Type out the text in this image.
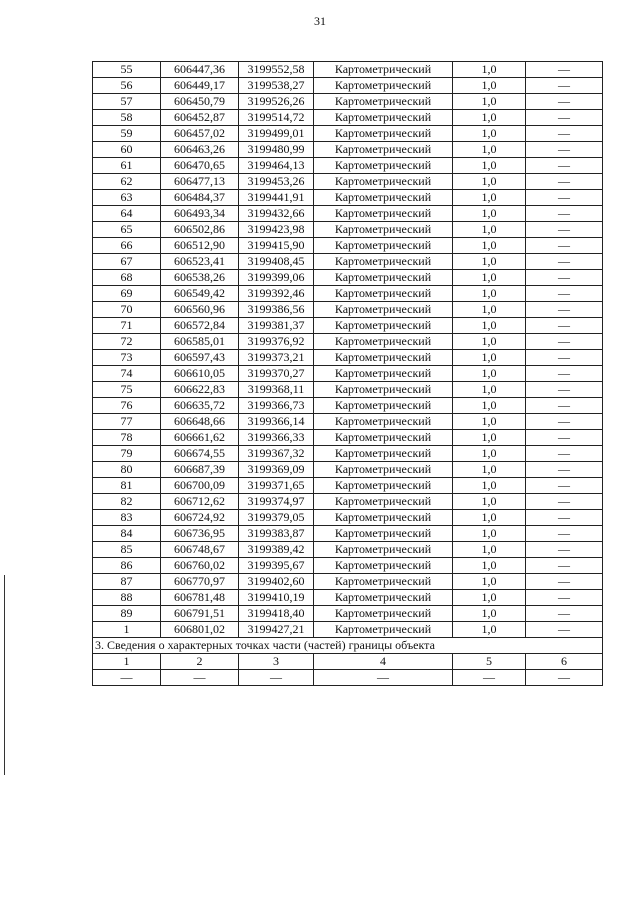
31
55	606447,36	3199552,58	Картометрический	1,0	—
56	606449,17	3199538,27	Картометрический	1,0	—
57	606450,79	3199526,26	Картометрический	1,0	—
58	606452,87	3199514,72	Картометрический	1,0	—
59	606457,02	3199499,01	Картометрический	1,0	—
60	606463,26	3199480,99	Картометрический	1,0	—
61	606470,65	3199464,13	Картометрический	1,0	—
62	606477,13	3199453,26	Картометрический	1,0	—
63	606484,37	3199441,91	Картометрический	1,0	—
64	606493,34	3199432,66	Картометрический	1,0	—
65	606502,86	3199423,98	Картометрический	1,0	—
66	606512,90	3199415,90	Картометрический	1,0	—
67	606523,41	3199408,45	Картометрический	1,0	—
68	606538,26	3199399,06	Картометрический	1,0	—
69	606549,42	3199392,46	Картометрический	1,0	—
70	606560,96	3199386,56	Картометрический	1,0	—
71	606572,84	3199381,37	Картометрический	1,0	—
72	606585,01	3199376,92	Картометрический	1,0	—
73	606597,43	3199373,21	Картометрический	1,0	—
74	606610,05	3199370,27	Картометрический	1,0	—
75	606622,83	3199368,11	Картометрический	1,0	—
76	606635,72	3199366,73	Картометрический	1,0	—
77	606648,66	3199366,14	Картометрический	1,0	—
78	606661,62	3199366,33	Картометрический	1,0	—
79	606674,55	3199367,32	Картометрический	1,0	—
80	606687,39	3199369,09	Картометрический	1,0	—
81	606700,09	3199371,65	Картометрический	1,0	—
82	606712,62	3199374,97	Картометрический	1,0	—
83	606724,92	3199379,05	Картометрический	1,0	—
84	606736,95	3199383,87	Картометрический	1,0	—
85	606748,67	3199389,42	Картометрический	1,0	—
86	606760,02	3199395,67	Картометрический	1,0	—
87	606770,97	3199402,60	Картометрический	1,0	—
88	606781,48	3199410,19	Картометрический	1,0	—
89	606791,51	3199418,40	Картометрический	1,0	—
1	606801,02	3199427,21	Картометрический	1,0	—
3. Сведения о характерных точках части (частей) границы объекта					
1	2	3	4	5	6
—	—	—	—	—	—
